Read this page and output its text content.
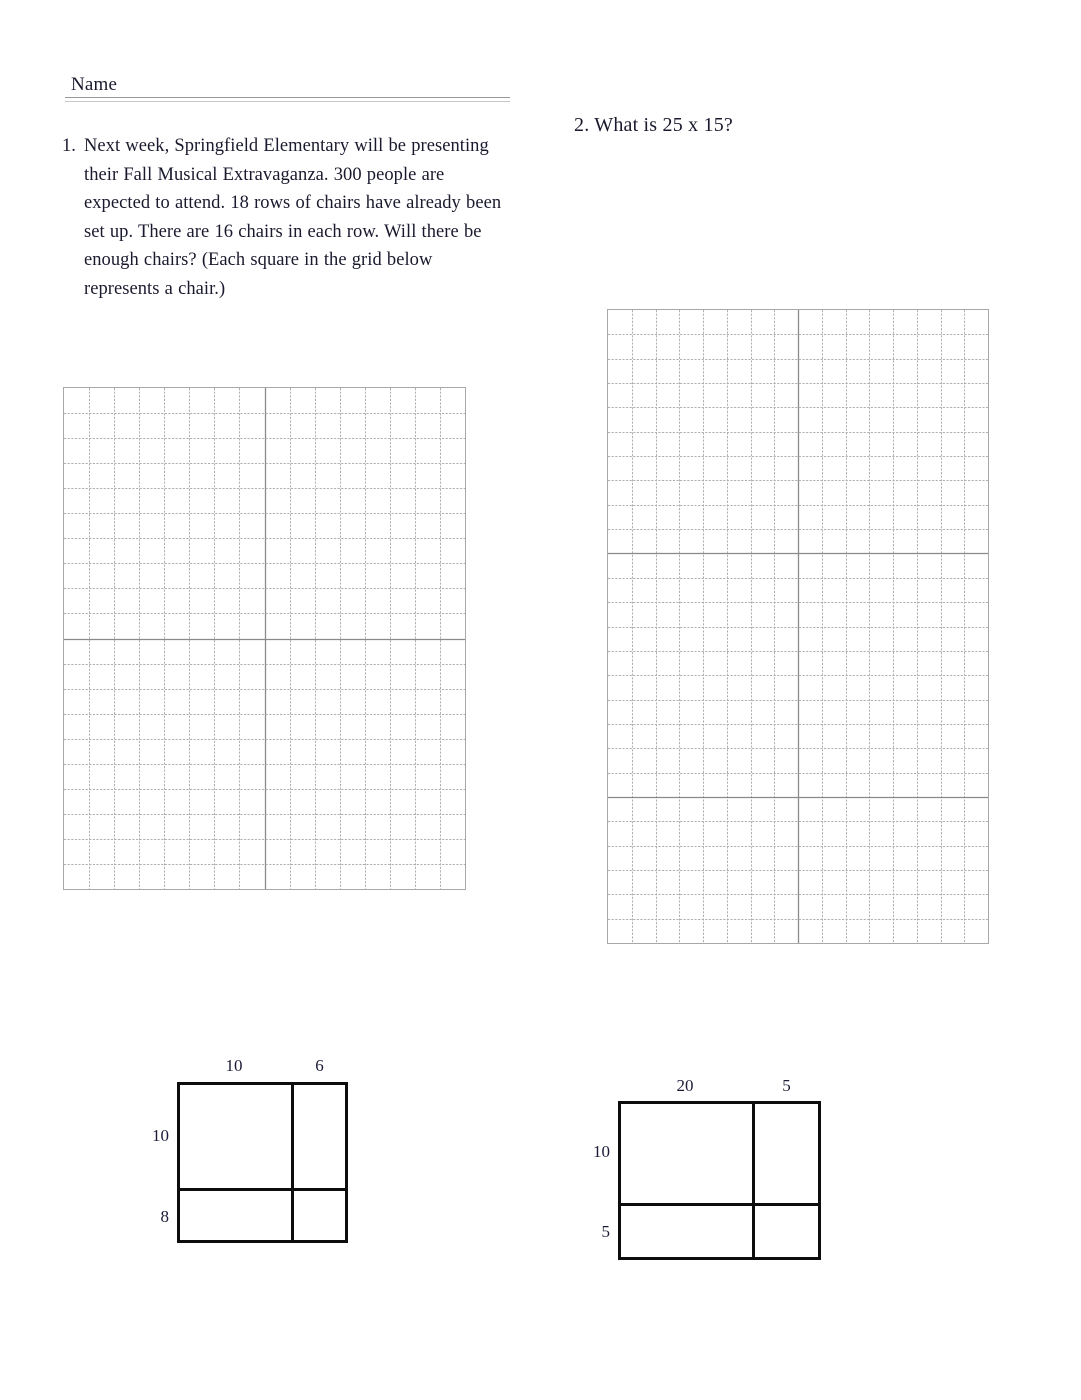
Name
1. Next week, Springfield Elementary will be presenting their Fall Musical Extravaganza. 300 people are expected to attend. 18 rows of chairs have already been set up. There are 16 chairs in each row. Will there be enough chairs? (Each square in the grid below represents a chair.)
2. What is 25 x 15?
10	6
10
8
20	5
10
5
